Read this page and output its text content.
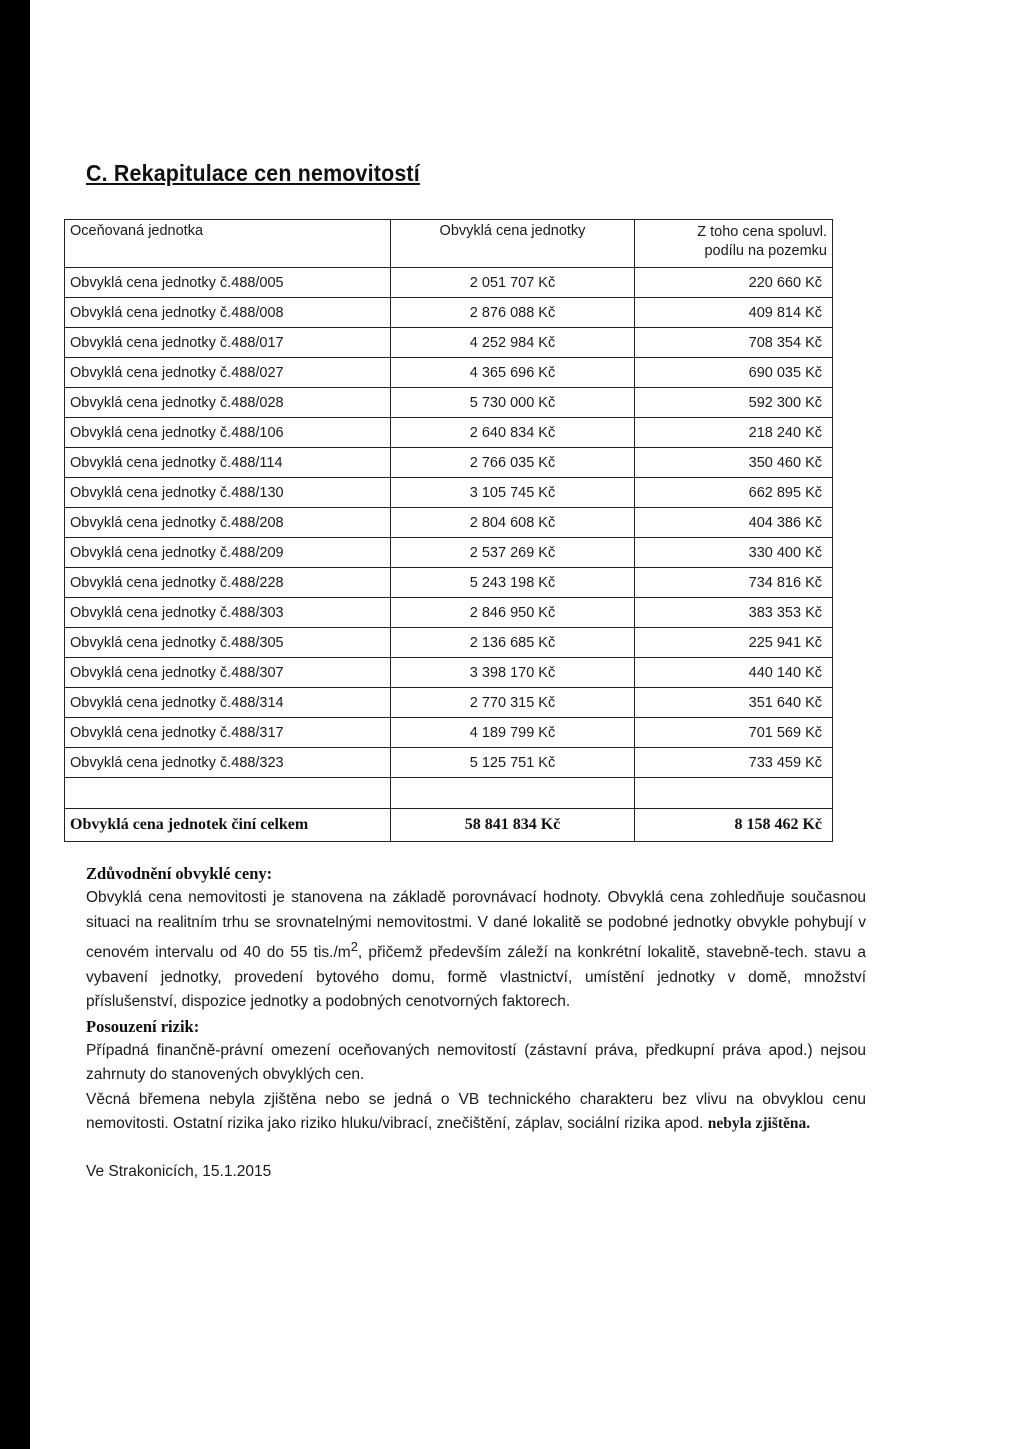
C. Rekapitulace cen nemovitostí
Oceňovaná jednotka	Obvyklá cena jednotky	Z toho cena spoluvl.
podílu na pozemku
Obvyklá cena jednotky č.488/005	2 051 707 Kč	220 660 Kč
Obvyklá cena jednotky č.488/008	2 876 088 Kč	409 814 Kč
Obvyklá cena jednotky č.488/017	4 252 984 Kč	708 354 Kč
Obvyklá cena jednotky č.488/027	4 365 696 Kč	690 035 Kč
Obvyklá cena jednotky č.488/028	5 730 000 Kč	592 300 Kč
Obvyklá cena jednotky č.488/106	2 640 834 Kč	218 240 Kč
Obvyklá cena jednotky č.488/114	2 766 035 Kč	350 460 Kč
Obvyklá cena jednotky č.488/130	3 105 745 Kč	662 895 Kč
Obvyklá cena jednotky č.488/208	2 804 608 Kč	404 386 Kč
Obvyklá cena jednotky č.488/209	2 537 269 Kč	330 400 Kč
Obvyklá cena jednotky č.488/228	5 243 198 Kč	734 816 Kč
Obvyklá cena jednotky č.488/303	2 846 950 Kč	383 353 Kč
Obvyklá cena jednotky č.488/305	2 136 685 Kč	225 941 Kč
Obvyklá cena jednotky č.488/307	3 398 170 Kč	440 140 Kč
Obvyklá cena jednotky č.488/314	2 770 315 Kč	351 640 Kč
Obvyklá cena jednotky č.488/317	4 189 799 Kč	701 569 Kč
Obvyklá cena jednotky č.488/323	5 125 751 Kč	733 459 Kč

Obvyklá cena jednotek činí celkem	58 841 834 Kč	8 158 462 Kč
Zdůvodnění obvyklé ceny:

Obvyklá cena nemovitosti je stanovena na základě porovnávací hodnoty. Obvyklá cena zohledňuje současnou situaci na realitním trhu se srovnatelnými nemovitostmi. V dané lokalitě se podobné jednotky obvykle pohybují v cenovém intervalu od 40 do 55 $tis./m^2$, přičemž především záleží na konkrétní lokalitě, stavebně-tech. stavu a vybavení jednotky, provedení bytového domu, formě vlastnictví, umístění jednotky v domě, množství příslušenství, dispozice jednotky a podobných cenotvorných faktorech.

Posouzení rizik:

Případná finančně-právní omezení oceňovaných nemovitostí (zástavní práva, předkupní práva apod.) nejsou zahrnuty do stanovených obvyklých cen.

Věcná břemena nebyla zjištěna nebo se jedná o VB technického charakteru bez vlivu na obvyklou cenu nemovitosti. Ostatní rizika jako riziko hluku/vibrací, znečištění, záplav, sociální rizika apod. nebyla zjištěna.

Ve Strakonicích, 15.1.2015
